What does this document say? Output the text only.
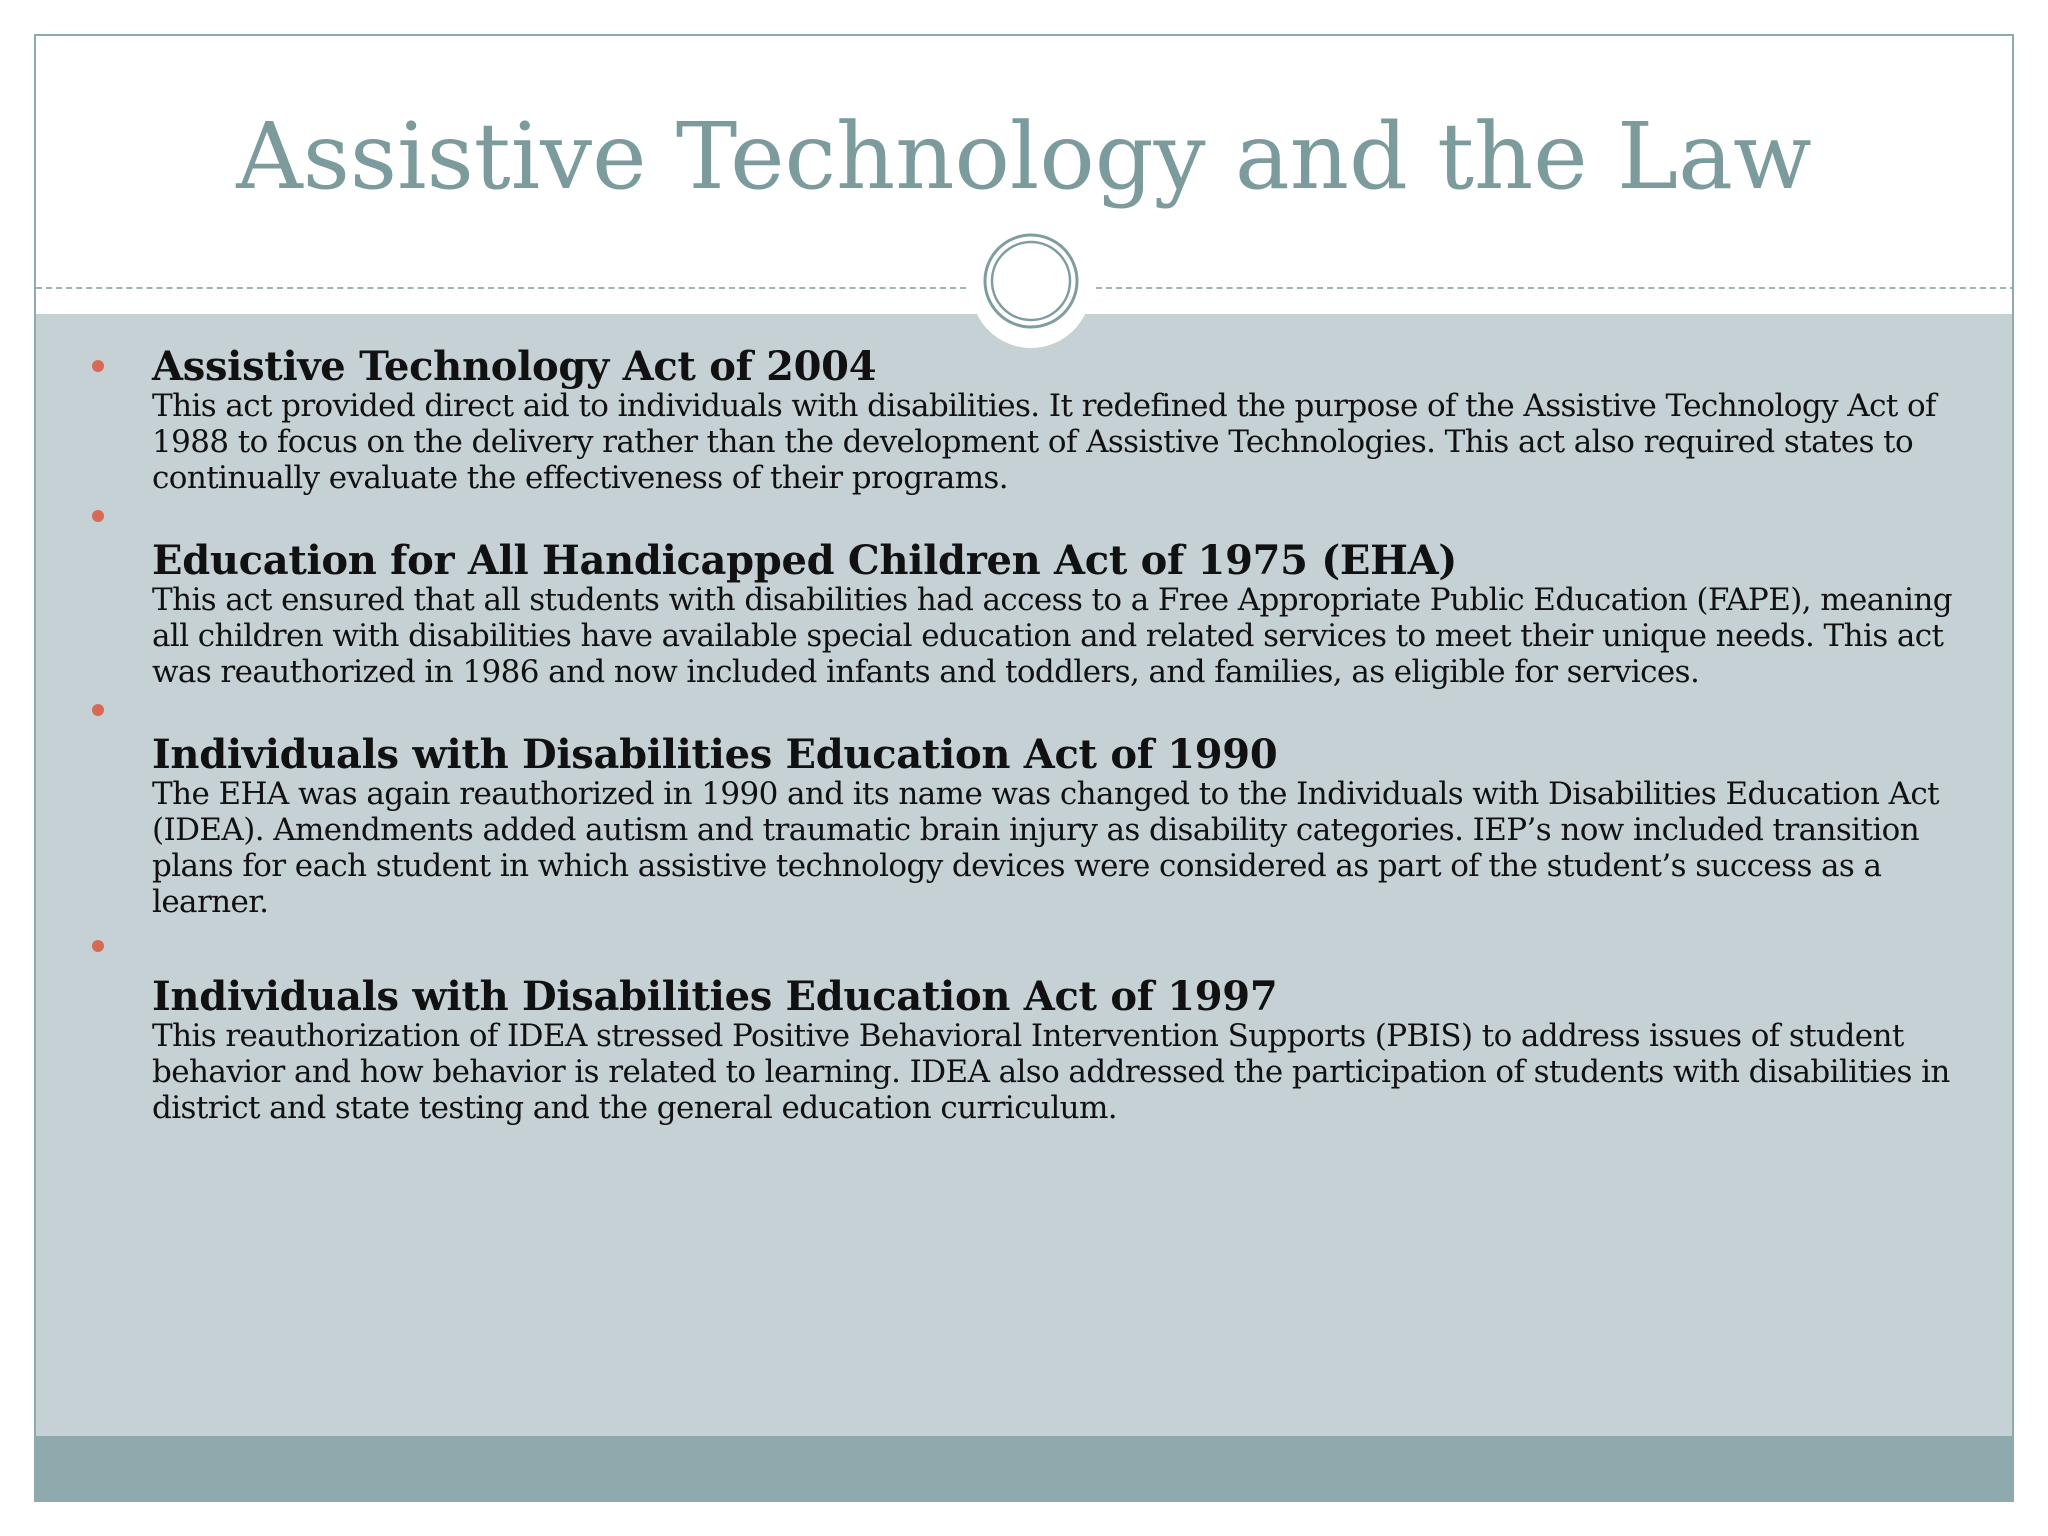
Assistive Technology and the Law
Assistive Technology Act of 2004
This act provided direct aid to individuals with disabilities. It redefined the purpose of the Assistive Technology Act of 1988 to focus on the delivery rather than the development of Assistive Technologies. This act also required states to continually evaluate the effectiveness of their programs.
Education for All Handicapped Children Act of 1975 (EHA)
This act ensured that all students with disabilities had access to a Free Appropriate Public Education (FAPE), meaning all children with disabilities have available special education and related services to meet their unique needs. This act was reauthorized in 1986 and now included infants and toddlers, and families, as eligible for services.
Individuals with Disabilities Education Act of 1990
The EHA was again reauthorized in 1990 and its name was changed to the Individuals with Disabilities Education Act (IDEA). Amendments added autism and traumatic brain injury as disability categories. IEP’s now included transition plans for each student in which assistive technology devices were considered as part of the student’s success as a learner.
Individuals with Disabilities Education Act of 1997
This reauthorization of IDEA stressed Positive Behavioral Intervention Supports (PBIS) to address issues of student behavior and how behavior is related to learning. IDEA also addressed the participation of students with disabilities in district and state testing and the general education curriculum.
